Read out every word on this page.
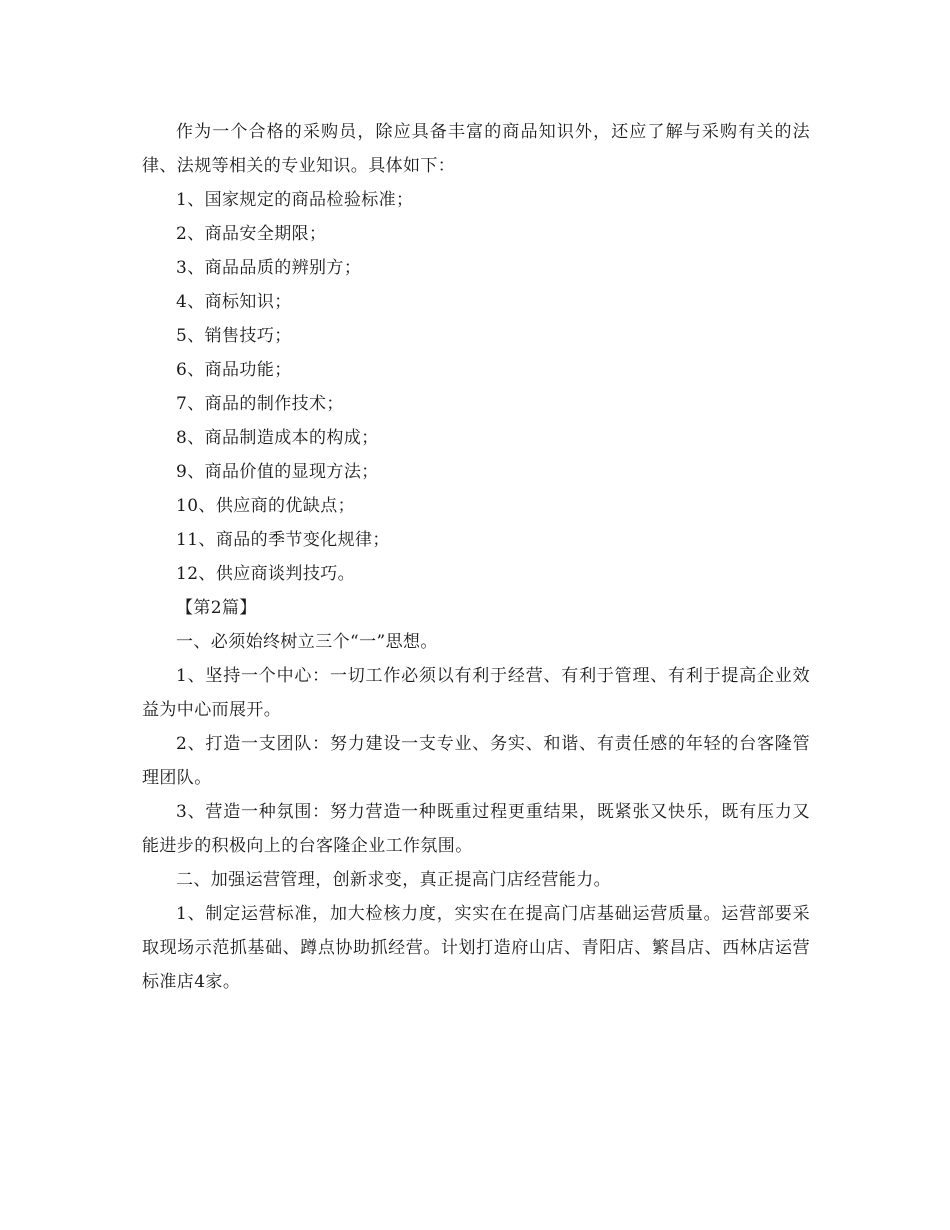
作为一个合格的采购员，除应具备丰富的商品知识外，还应了解与采购有关的法律、法规等相关的专业知识。具体如下：

1、国家规定的商品检验标准；

2、商品安全期限；

3、商品品质的辨别方；

4、商标知识；

5、销售技巧；

6、商品功能；

7、商品的制作技术；

8、商品制造成本的构成；

9、商品价值的显现方法；

10、供应商的优缺点；

11、商品的季节变化规律；

12、供应商谈判技巧。

【第2篇】

一、必须始终树立三个“一”思想。

1、坚持一个中心：一切工作必须以有利于经营、有利于管理、有利于提高企业效益为中心而展开。

2、打造一支团队：努力建设一支专业、务实、和谐、有责任感的年轻的台客隆管理团队。

3、营造一种氛围：努力营造一种既重过程更重结果，既紧张又快乐，既有压力又能进步的积极向上的台客隆企业工作氛围。

二、加强运营管理，创新求变，真正提高门店经营能力。

1、制定运营标准，加大检核力度，实实在在提高门店基础运营质量。运营部要采取现场示范抓基础、蹲点协助抓经营。计划打造府山店、青阳店、繁昌店、西林店运营标准店4家。
